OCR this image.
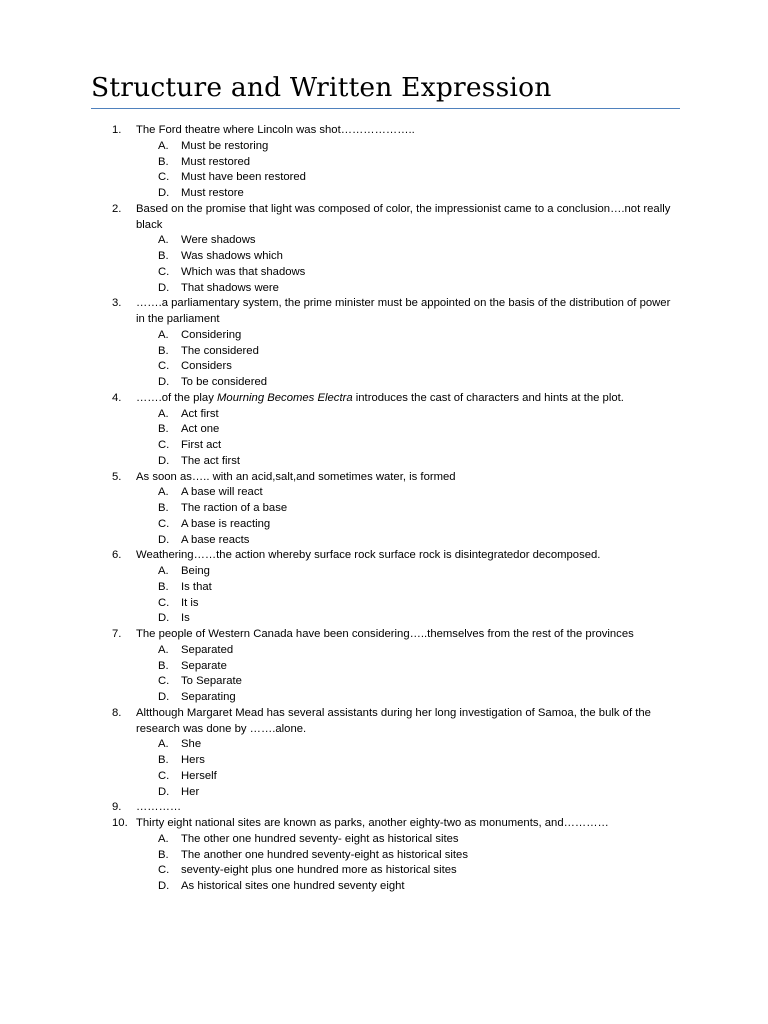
Structure and Written Expression
1. The Ford theatre where Lincoln was shot………………..
A. Must be restoring
B. Must restored
C. Must have been restored
D. Must restore
2. Based on the promise that light was composed of color, the impressionist came to a conclusion….not really black
A. Were shadows
B. Was shadows which
C. Which was that shadows
D. That shadows were
3. …….a parliamentary system, the prime minister must be appointed on the basis of the distribution of power in the parliament
A. Considering
B. The considered
C. Considers
D. To be considered
4. …….of the play Mourning Becomes Electra introduces the cast of characters and hints at the plot.
A. Act first
B. Act one
C. First act
D. The act first
5. As soon as….. with an acid,salt,and sometimes water, is formed
A. A base will react
B. The raction of a base
C. A base is reacting
D. A base reacts
6. Weathering……the action whereby surface rock surface rock is disintegratedor decomposed.
A. Being
B. Is that
C. It is
D. Is
7. The people of Western Canada have been considering…..themselves from the rest of the provinces
A. Separated
B. Separate
C. To Separate
D. Separating
8. Altthough Margaret Mead has several assistants during her long investigation of Samoa, the bulk of the research was done by …….alone.
A. She
B. Hers
C. Herself
D. Her
9. …………
10. Thirty eight national sites are known as parks, another eighty-two as monuments, and…………
A. The other one hundred seventy- eight as historical sites
B. The another one hundred seventy-eight as historical sites
C. seventy-eight plus one hundred more as historical sites
D. As historical sites one hundred seventy eight
